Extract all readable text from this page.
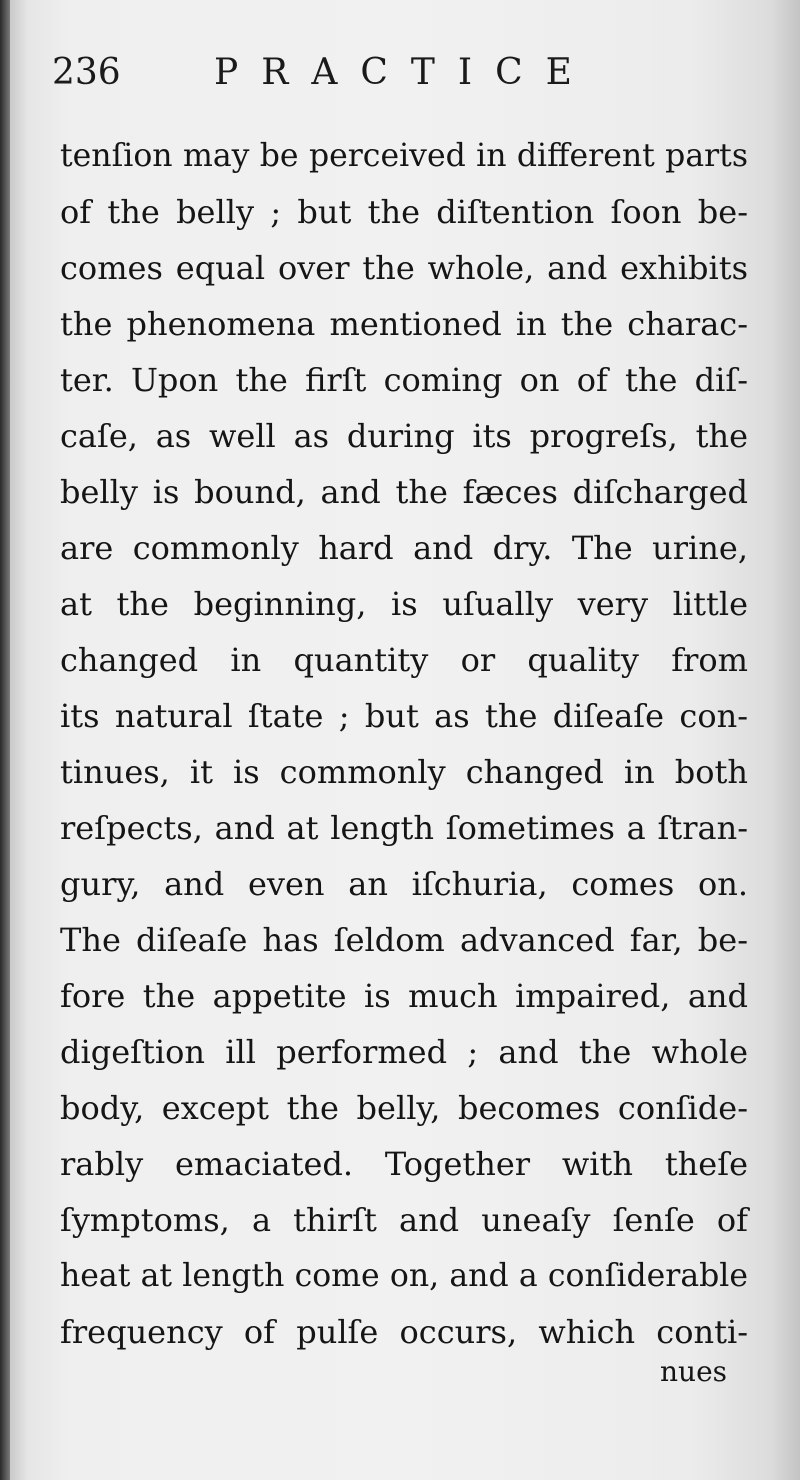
236	PRACTICE
tenſion may be perceived in different parts
of the belly ; but the diſtention ſoon be-
comes equal over the whole, and exhibits
the phenomena mentioned in the charac-
ter. Upon the firſt coming on of the diſ-
caſe, as well as during its progreſs, the
belly is bound, and the fæces diſcharged
are commonly hard and dry. The urine,
at the beginning, is uſually very little
changed in quantity or quality from
its natural ſtate ; but as the diſeaſe con-
tinues, it is commonly changed in both
reſpects, and at length ſometimes a ſtran-
gury, and even an iſchuria, comes on.
The diſeaſe has ſeldom advanced far, be-
fore the appetite is much impaired, and
digeſtion ill performed ; and the whole
body, except the belly, becomes conſide-
rably emaciated. Together with theſe
ſymptoms, a thirſt and uneaſy ſenſe of
heat at length come on, and a conſiderable
frequency of pulſe occurs, which conti-
nues
